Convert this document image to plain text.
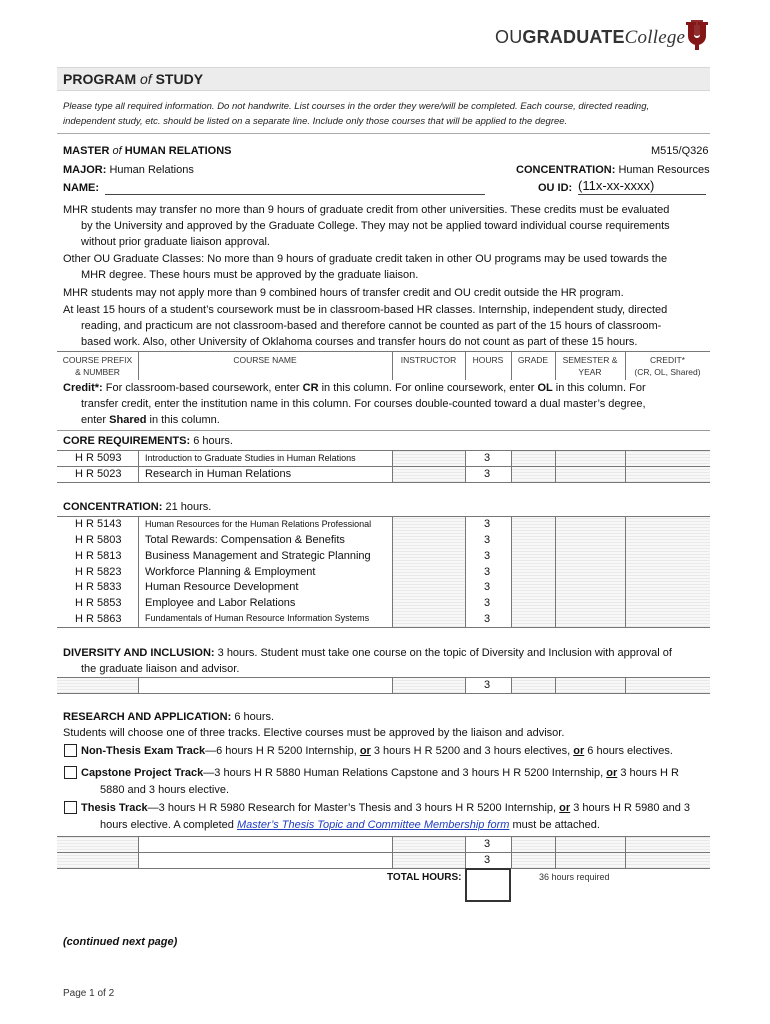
OUGRADUATECollege
PROGRAM of STUDY
Please type all required information. Do not handwrite. List courses in the order they were/will be completed. Each course, directed reading,
independent study, etc. should be listed on a separate line. Include only those courses that will be applied to the degree.
MASTER of HUMAN RELATIONS	M515/Q326
MAJOR: Human Relations	CONCENTRATION: Human Resources
NAME:	OU ID: (11x-xx-xxxx)
MHR students may transfer no more than 9 hours of graduate credit from other universities. These credits must be evaluated
by the University and approved by the Graduate College. They may not be applied toward individual course requirements
without prior graduate liaison approval.
Other OU Graduate Classes: No more than 9 hours of graduate credit taken in other OU programs may be used towards the
MHR degree. These hours must be approved by the graduate liaison.
MHR students may not apply more than 9 combined hours of transfer credit and OU credit outside the HR program.
At least 15 hours of a student’s coursework must be in classroom-based HR classes. Internship, independent study, directed
reading, and practicum are not classroom-based and therefore cannot be counted as part of the 15 hours of classroom-
based work. Also, other University of Oklahoma courses and transfer hours do not count as part of these 15 hours.
COURSE PREFIX
& NUMBER
COURSE NAME	INSTRUCTOR	HOURS	GRADE	SEMESTER &
YEAR
CREDIT*
(CR, OL, Shared)
Credit*: For classroom-based coursework, enter CR in this column. For online coursework, enter OL in this column. For
transfer credit, enter the institution name in this column. For courses double-counted toward a dual master’s degree,
enter Shared in this column.
CORE REQUIREMENTS: 6 hours.
H R 5093	Introduction to Graduate Studies in Human Relations	3
H R 5023 Research in Human Relations	3
CONCENTRATION: 21 hours.
H R 5143	Human Resources for the Human Relations Professional	3
H R 5803 Total Rewards: Compensation & Benefits	3
H R 5813 Business Management and Strategic Planning	3
H R 5823 Workforce Planning & Employment	3
H R 5833 Human Resource Development	3
H R 5853 Employee and Labor Relations	3
H R 5863	Fundamentals of Human Resource Information Systems	3
DIVERSITY AND INCLUSION: 3 hours. Student must take one course on the topic of Diversity and Inclusion with approval of
the graduate liaison and advisor.
3
RESEARCH AND APPLICATION: 6 hours.
Students will choose one of three tracks. Elective courses must be approved by the liaison and advisor.
Non-Thesis Exam Track—6 hours H R 5200 Internship, or 3 hours H R 5200 and 3 hours electives, or 6 hours electives.
Capstone Project Track—3 hours H R 5880 Human Relations Capstone and 3 hours H R 5200 Internship, or 3 hours H R
5880 and 3 hours elective.
Thesis Track—3 hours H R 5980 Research for Master’s Thesis and 3 hours H R 5200 Internship, or 3 hours H R 5980 and 3
hours elective. A completed Master’s Thesis Topic and Committee Membership form must be attached.
3
3
TOTAL HOURS:	36 hours required
(continued next page)
Page 1 of 2
